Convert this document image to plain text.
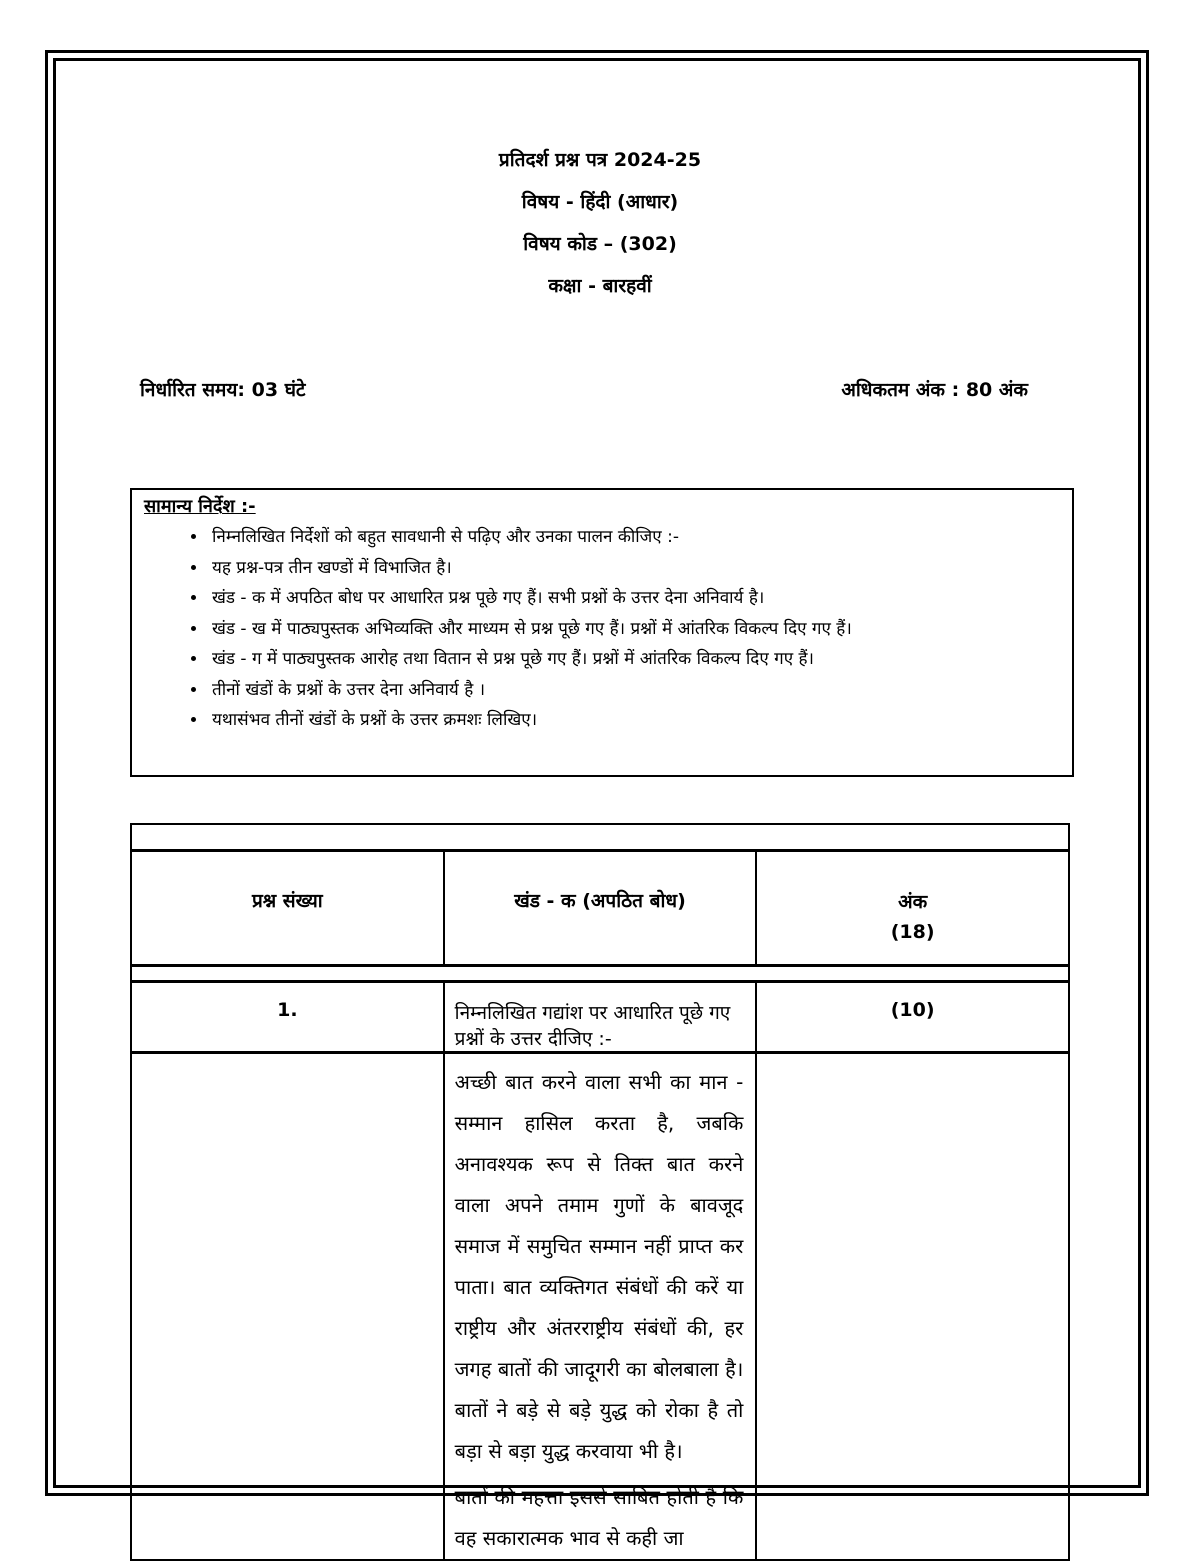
प्रतिदर्श प्रश्न पत्र 2024-25
विषय - हिंदी (आधार)
विषय कोड – (302)
कक्षा - बारहवीं
निर्धारित समय: 03 घंटे	अधिकतम अंक : 80 अंक
सामान्य निर्देश :-
• निम्नलिखित निर्देशों को बहुत सावधानी से पढ़िए और उनका पालन कीजिए :-
• यह प्रश्न-पत्र तीन खण्डों में विभाजित है।
• खंड - क में अपठित बोध पर आधारित प्रश्न पूछे गए हैं। सभी प्रश्नों के उत्तर देना अनिवार्य है।
• खंड - ख में पाठ्यपुस्तक अभिव्यक्ति और माध्यम से प्रश्न पूछे गए हैं। प्रश्नों में आंतरिक विकल्प दिए गए हैं।
• खंड - ग में पाठ्यपुस्तक आरोह तथा वितान से प्रश्न पूछे गए हैं। प्रश्नों में आंतरिक विकल्प दिए गए हैं।
• तीनों खंडों के प्रश्नों के उत्तर देना अनिवार्य है ।
• यथासंभव तीनों खंडों के प्रश्नों के उत्तर क्रमशः लिखिए।

प्रश्न संख्या	खंड - क (अपठित बोध)	अंक
(18)

1.	निम्नलिखित गद्यांश पर आधारित पूछे गए प्रश्नों के उत्तर दीजिए :-	(10)

	अच्छी बात करने वाला सभी का मान - सम्मान हासिल करता है, जबकि अनावश्यक रूप से तिक्त बात करने वाला अपने तमाम गुणों के बावजूद समाज में समुचित सम्मान नहीं प्राप्त कर पाता। बात व्यक्तिगत संबंधों की करें या राष्ट्रीय और अंतरराष्ट्रीय संबंधों की, हर जगह बातों की जादूगरी का बोलबाला है। बातों ने बड़े से बड़े युद्ध को रोका है तो बड़ा से बड़ा युद्ध करवाया भी है।

बातों की महत्ता इससे साबित होती है कि वह सकारात्मक भाव से कही जा	
